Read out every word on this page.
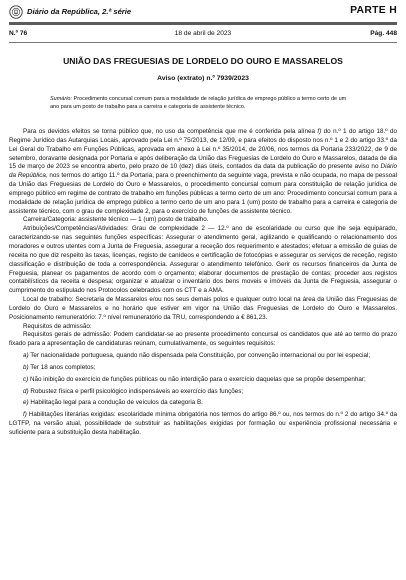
Diário da República, 2.ª série	PARTE H
N.º 76	18 de abril de 2023	Pág. 448
UNIÃO DAS FREGUESIAS DE LORDELO DO OURO E MASSARELOS
Aviso (extrato) n.º 7939/2023
Sumário: Procedimento concursal comum para a modalidade de relação jurídica de emprego público a termo certo de um ano para um posto de trabalho para a carreira e categoria de assistente técnico.

Para os devidos efeitos se torna público que, no uso da competência que me é conferida pela alínea f) do n.º 1 do artigo 18.º do Regime Jurídico das Autarquias Locais, aprovado pela Lei n.º 75/2013, de 12/09, e para efeitos do disposto nos n.º 1 e 2 do artigo 33.º da Lei Geral do Trabalho em Funções Públicas, aprovada em anexo à Lei n.º 35/2014, de 20/06, nos termos da Portaria 233/2022, de 9 de setembro, doravante designada por Portaria e após deliberação da União das Freguesias de Lordelo do Ouro e Massarelos, datada de dia 15 de março de 2023 se encontra aberto, pelo prazo de 10 (dez) dias úteis, contados da data da publicação do presente aviso no Diário da República, nos termos do artigo 11.º da Portaria, para o preenchimento da seguinte vaga, prevista e não ocupada, no mapa de pessoal da União das Freguesias de Lordelo do Ouro e Massarelos, o procedimento concursal comum para constituição de relação jurídica de emprego público em regime de contrato de trabalho em funções públicas a termo certo de um ano: Procedimento concursal comum para a modalidade de relação jurídica de emprego público a termo certo de um ano para 1 (um) posto de trabalho para a carreira e categoria de assistente técnico, com o grau de complexidade 2, para o exercício de funções de assistente técnico.

Carreira/Categoria: assistente técnico — 1 (um) posto de trabalho.

Atribuições/Competências/Atividades: Grau de complexidade 2 — 12.º ano de escolaridade ou curso que lhe seja equiparado, caracterizando-se nas seguintes funções específicas: Assegurar o atendimento geral, agilizando e qualificando o relacionamento dos moradores e outros utentes com a Junta de Freguesia, assegurar a receção dos requerimento e atestados; efetuar a emissão de guias de receita no que diz respeito às taxas, licenças, registo de canídeos e certificação de fotocópias e assegurar os serviços de receção, registo classificação e distribuição de toda a correspondência. Assegurar o atendimento telefónico. Gerir os recursos financeiros da Junta de Freguesia, planear os pagamentos de acordo com o orçamento; elaborar documentos de prestação de contas; proceder aos registos contabilísticos da receita e despesa; organizar e atualizar o inventário dos bens moveis e imóveis da Junta de Freguesia, assegurar o cumprimento do estipulado nos Protocolos celebrados com os CTT e a AMA.

Local de trabalho: Secretaria de Massarelos e/ou nos seus demais polos e qualquer outro local na área da União das Freguesias de Lordelo do Ouro e Massarelos e no horário que estiver em vigor na União das Freguesias de Lordelo do Ouro e Massarelos. Posicionamento remuneratório: 7.º nível remuneratório da TRU, correspondendo a € 861,23.

Requisitos de admissão:

Requisitos gerais de admissão: Podem candidatar-se ao presente procedimento concursal os candidatos que até ao termo do prazo fixado para a apresentação de candidaturas reúnam, cumulativamente, os seguintes requisitos:

a) Ter nacionalidade portuguesa, quando não dispensada pela Constituição, por convenção internacional ou por lei especial;

b) Ter 18 anos completos;

c) Não inibição do exercício de funções públicas ou não interdição para o exercício daquelas que se propõe desempenhar;

d) Robustez física e perfil psicológico indispensáveis ao exercício das funções;

e) Habilitação legal para a condução de veículos da categoria B.

f) Habilitações literárias exigidas: escolaridade mínima obrigatória nos termos do artigo 86.º ou, nos termos do n.º 2 do artigo 34.º da LGTFP, na versão atual, possibilidade de substituir as habilitações exigidas por formação ou experiência profissional necessária e suficiente para a substituição desta habilitação.
